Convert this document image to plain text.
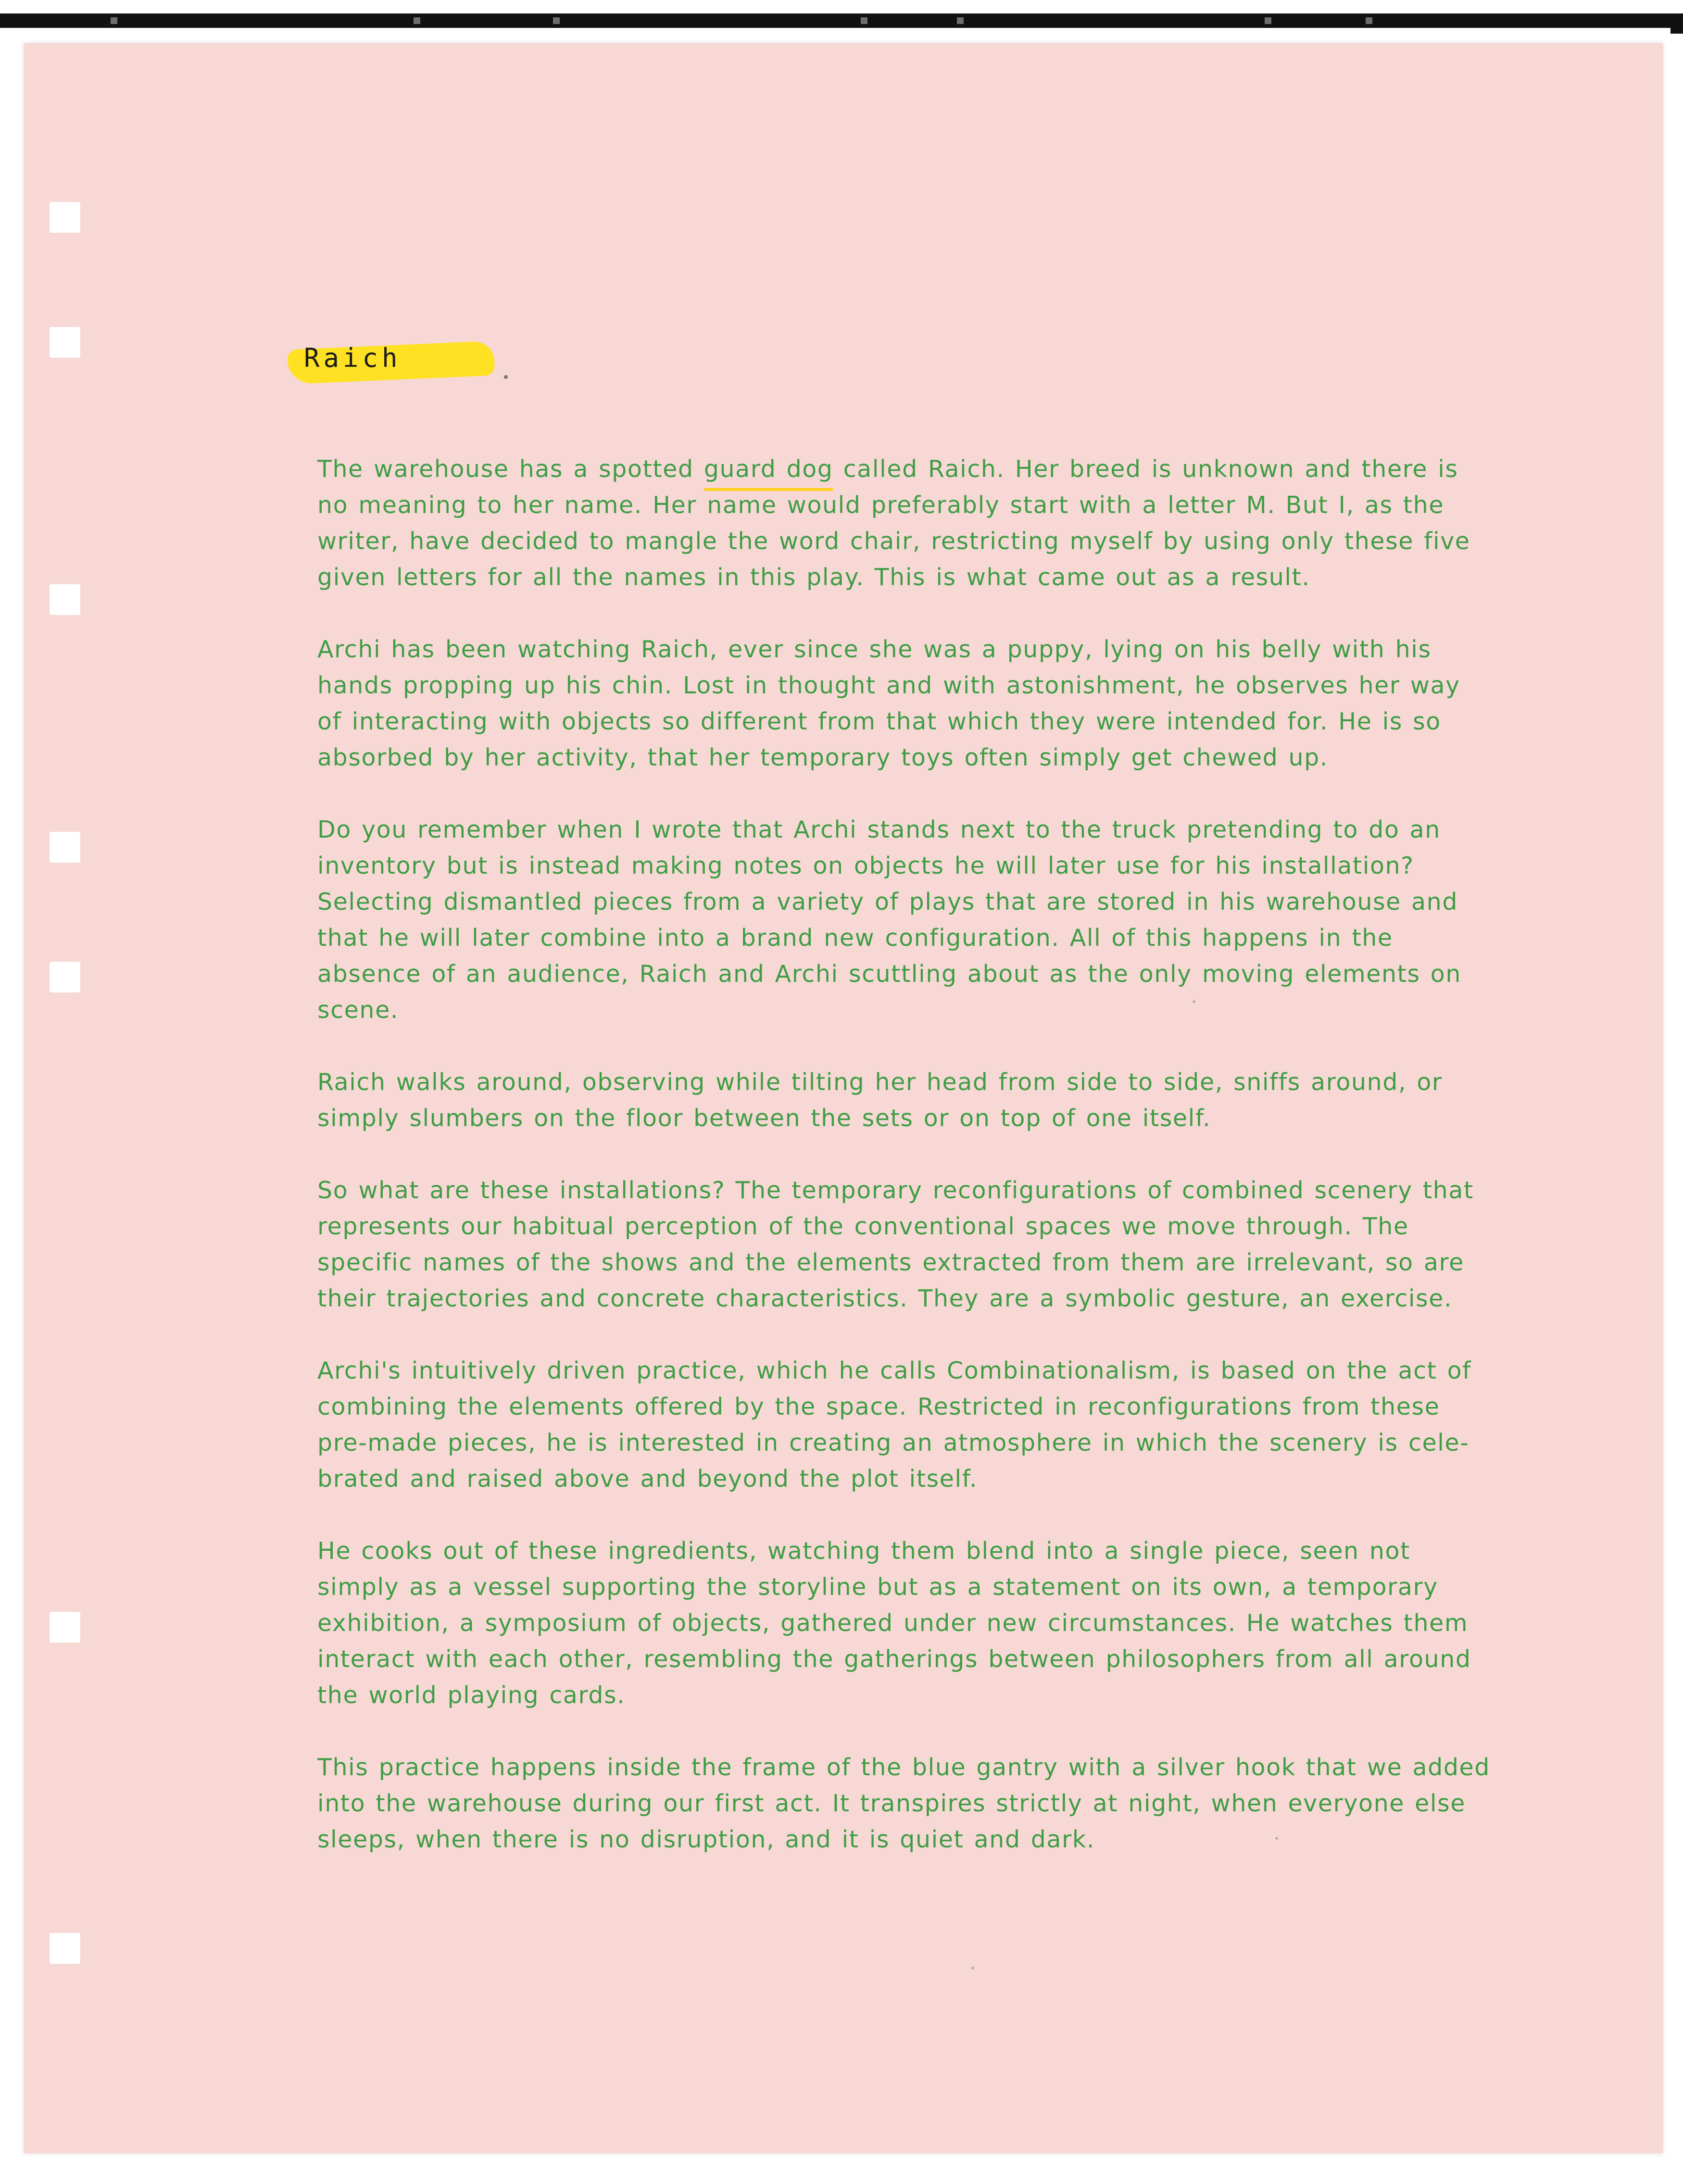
Raich

The warehouse has a spotted guard dog called Raich. Her breed is unknown and there is no meaning to her name. Her name would preferably start with a letter M. But I, as the writer, have decided to mangle the word chair, restricting myself by using only these five given letters for all the names in this play. This is what came out as a result.

Archi has been watching Raich, ever since she was a puppy, lying on his belly with his hands propping up his chin. Lost in thought and with astonishment, he observes her way of interacting with objects so different from that which they were intended for. He is so absorbed by her activity, that her temporary toys often simply get chewed up.

Do you remember when I wrote that Archi stands next to the truck pretending to do an inventory but is instead making notes on objects he will later use for his installation? Selecting dismantled pieces from a variety of plays that are stored in his warehouse and that he will later combine into a brand new configuration. All of this happens in the absence of an audience, Raich and Archi scuttling about as the only moving elements on scene.

Raich walks around, observing while tilting her head from side to side, sniffs around, or simply slumbers on the floor between the sets or on top of one itself.

So what are these installations? The temporary reconfigurations of combined scenery that represents our habitual perception of the conventional spaces we move through. The specific names of the shows and the elements extracted from them are irrelevant, so are their trajectories and concrete characteristics. They are a symbolic gesture, an exercise.

Archi's intuitively driven practice, which he calls Combinationalism, is based on the act of combining the elements offered by the space. Restricted in reconfigurations from these pre-made pieces, he is interested in creating an atmosphere in which the scenery is cele-brated and raised above and beyond the plot itself.

He cooks out of these ingredients, watching them blend into a single piece, seen not simply as a vessel supporting the storyline but as a statement on its own, a temporary exhibition, a symposium of objects, gathered under new circumstances. He watches them interact with each other, resembling the gatherings between philosophers from all around the world playing cards.

This practice happens inside the frame of the blue gantry with a silver hook that we added into the warehouse during our first act. It transpires strictly at night, when everyone else sleeps, when there is no disruption, and it is quiet and dark.
